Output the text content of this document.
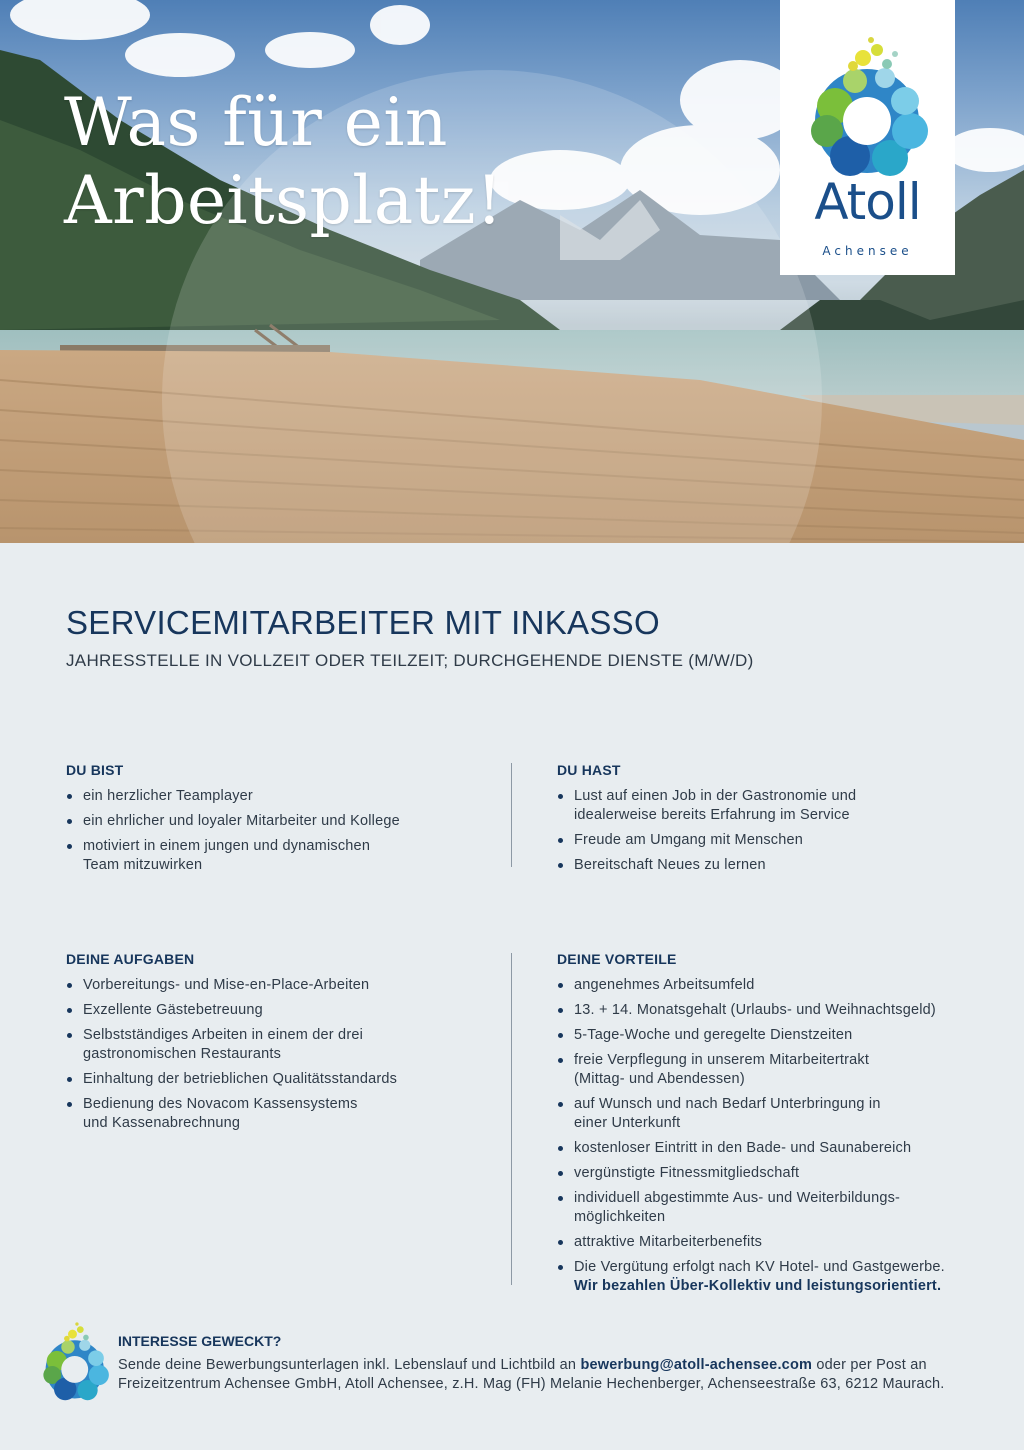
Was für ein
Arbeitsplatz!	Atoll
Achensee
SERVICEMITARBEITER MIT INKASSO

JAHRESSTELLE IN VOLLZEIT ODER TEILZEIT; DURCHGEHENDE DIENSTE (M/W/D)

DU BIST
ein herzlicher Teamplayer
ein ehrlicher und loyaler Mitarbeiter und Kollege
motiviert in einem jungen und dynamischen Team mitzuwirken
DU HAST
Lust auf einen Job in der Gastronomie und idealerweise bereits Erfahrung im Service
Freude am Umgang mit Menschen
Bereitschaft Neues zu lernen
DEINE AUFGABEN
Vorbereitungs- und Mise-en-Place-Arbeiten
Exzellente Gästebetreuung
Selbstständiges Arbeiten in einem der drei gastronomischen Restaurants
Einhaltung der betrieblichen Qualitätsstandards
Bedienung des Novacom Kassensystems und Kassenabrechnung
DEINE VORTEILE
angenehmes Arbeitsumfeld
13. + 14. Monatsgehalt (Urlaubs- und Weihnachtsgeld)
5-Tage-Woche und geregelte Dienstzeiten
freie Verpflegung in unserem Mitarbeitertrakt (Mittag- und Abendessen)
auf Wunsch und nach Bedarf Unterbringung in einer Unterkunft
kostenloser Eintritt in den Bade- und Saunabereich
vergünstigte Fitnessmitgliedschaft
individuell abgestimmte Aus- und Weiterbildungs-möglichkeiten
attraktive Mitarbeiterbenefits
Die Vergütung erfolgt nach KV Hotel- und Gastgewerbe.
Wir bezahlen Über-Kollektiv und leistungsorientiert.
INTERESSE GEWECKT?

Sende deine Bewerbungsunterlagen inkl. Lebenslauf und Lichtbild an bewerbung@atoll-achensee.com oder per Post an Freizeitzentrum Achensee GmbH, Atoll Achensee, z.H. Mag (FH) Melanie Hechenberger, Achenseestraße 63, 6212 Maurach.
